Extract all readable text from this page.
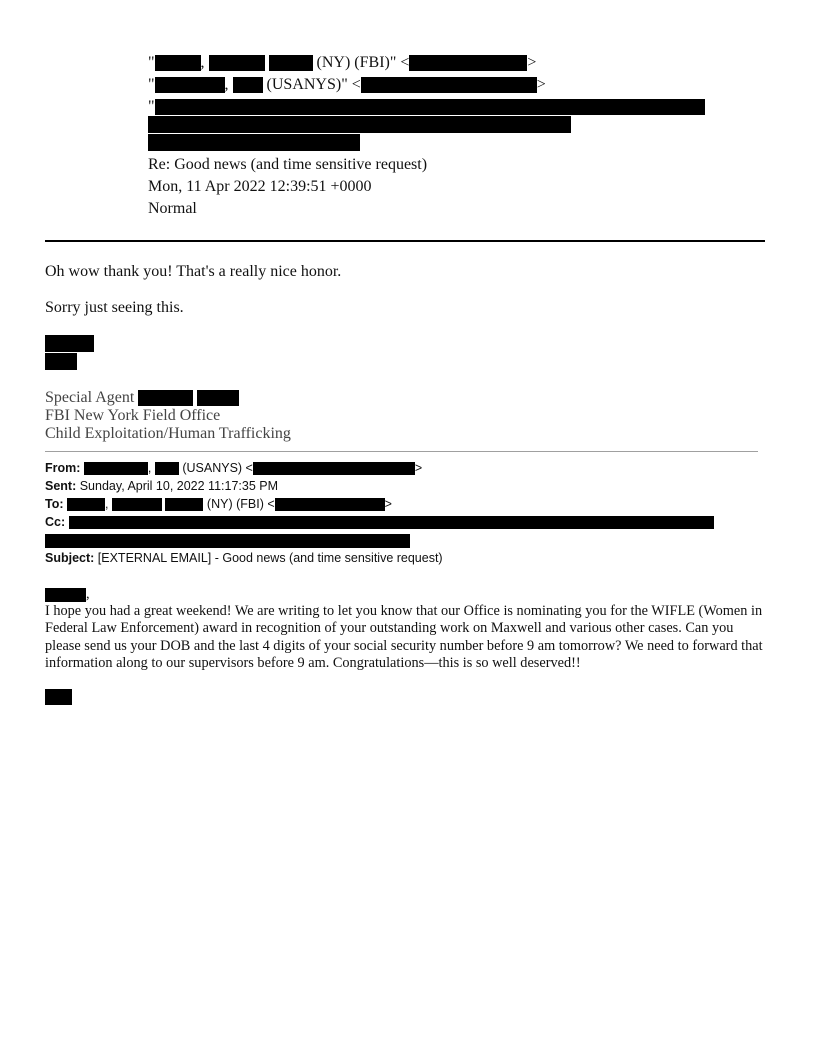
"	,	(NY) (FBI)" <	>
"	,  (USANYS)" <	>
"
Re: Good news (and time sensitive request)
Mon, 11 Apr 2022 12:39:51 +0000
Normal
Oh wow thank you! That's a really nice honor.
Sorry just seeing this.
Special Agent
FBI New York Field Office
Child Exploitation/Human Trafficking
From:	,  (USANYS) <	>
Sent: Sunday, April 10, 2022 11:17:35 PM
To:	,	(NY) (FBI) <	>
Cc:
Subject: [EXTERNAL EMAIL] - Good news (and time sensitive request)
,
I hope you had a great weekend! We are writing to let you know that our Office is nominating you for the WIFLE (Women in Federal Law Enforcement) award in recognition of your outstanding work on Maxwell and various other cases. Can you please send us your DOB and the last 4 digits of your social security number before 9 am tomorrow? We need to forward that information along to our supervisors before 9 am. Congratulations—this is so well deserved!!
